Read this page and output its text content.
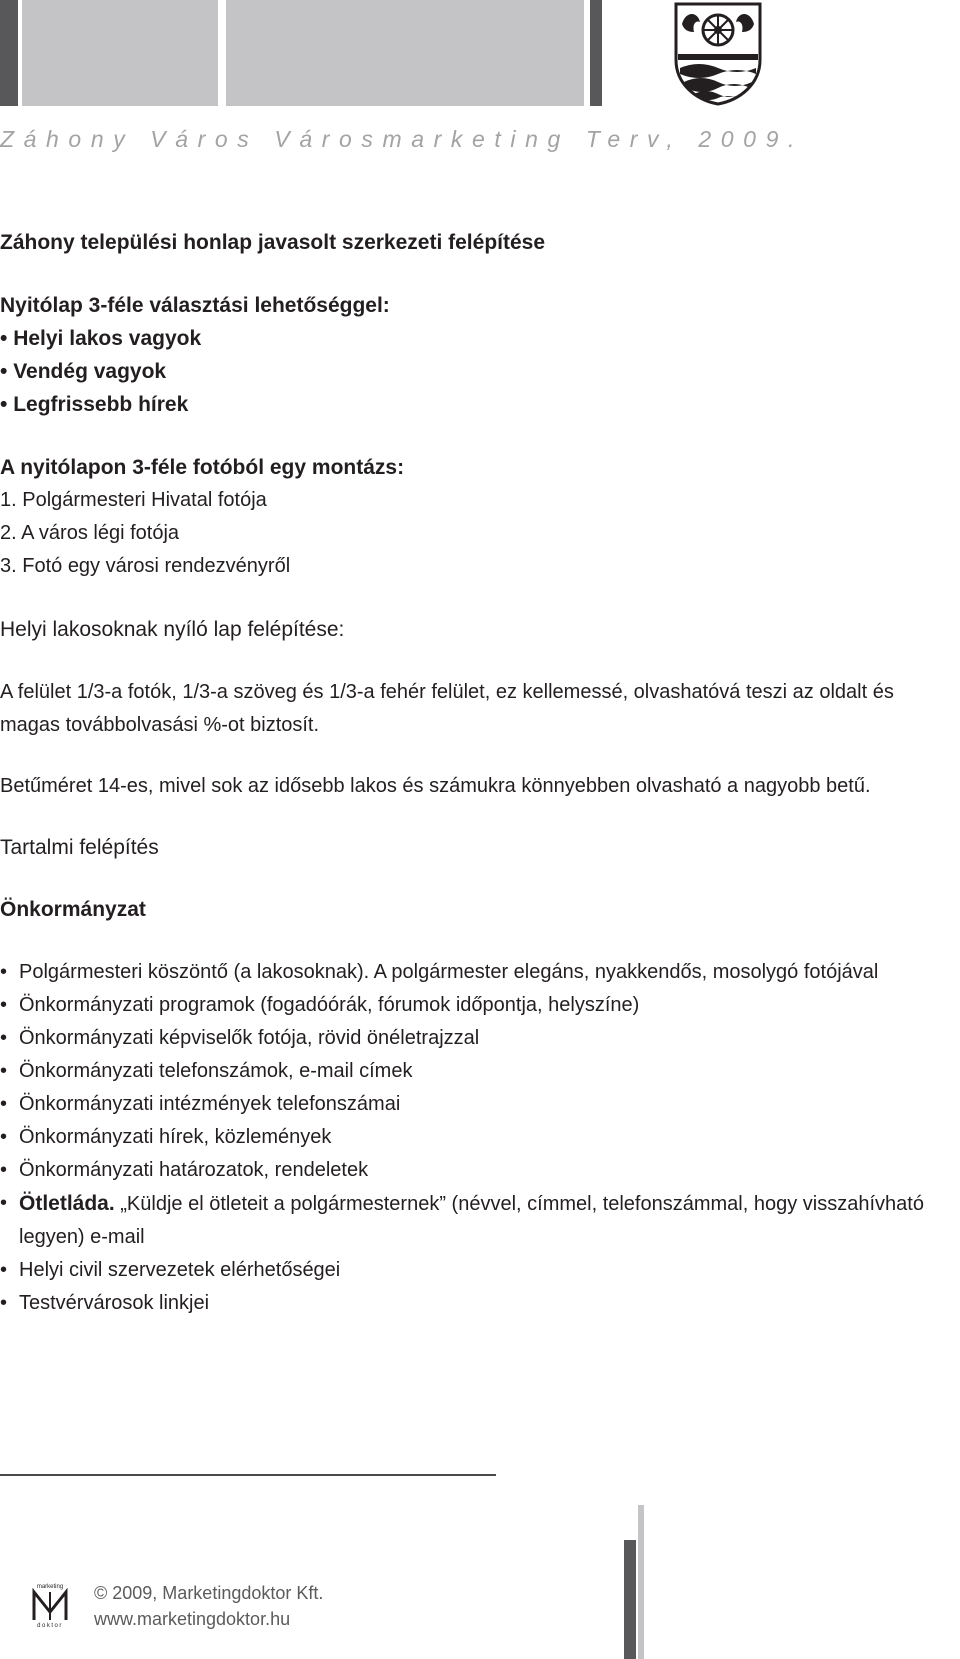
Záhony Város Városmarketing Terv, 2009.

Záhony települési honlap javasolt szerkezeti felépítése

Nyitólap 3-féle választási lehetőséggel:

• Helyi lakos vagyok

• Vendég vagyok

• Legfrissebb hírek

A nyitólapon 3-féle fotóból egy montázs:

1. Polgármesteri Hivatal fotója

2. A város légi fotója

3. Fotó egy városi rendezvényről

Helyi lakosoknak nyíló lap felépítése:

A felület 1/3-a fotók, 1/3-a szöveg és 1/3-a fehér felület, ez kellemessé, olvashatóvá teszi az oldalt és magas továbbolvasási %-ot biztosít.

Betűméret 14-es, mivel sok az idősebb lakos és számukra könnyebben olvasható a nagyobb betű.

Tartalmi felépítés

Önkormányzat

• Polgármesteri köszöntő (a lakosoknak). A polgármester elegáns, nyakkendős, mosolygó fotójával
• Önkormányzati programok (fogadóórák, fórumok időpontja, helyszíne)
• Önkormányzati képviselők fotója, rövid önéletrajzzal
• Önkormányzati telefonszámok, e-mail címek
• Önkormányzati intézmények telefonszámai
• Önkormányzati hírek, közlemények
• Önkormányzati határozatok, rendeletek
• Ötletláda. „Küldje el ötleteit a polgármesternek” (névvel, címmel, telefonszámmal, hogy visszahívható legyen) e-mail
• Helyi civil szervezetek elérhetőségei
• Testvérvárosok linkjei
marketing
doktor
© 2009, Marketingdoktor Kft.
www.marketingdoktor.hu
